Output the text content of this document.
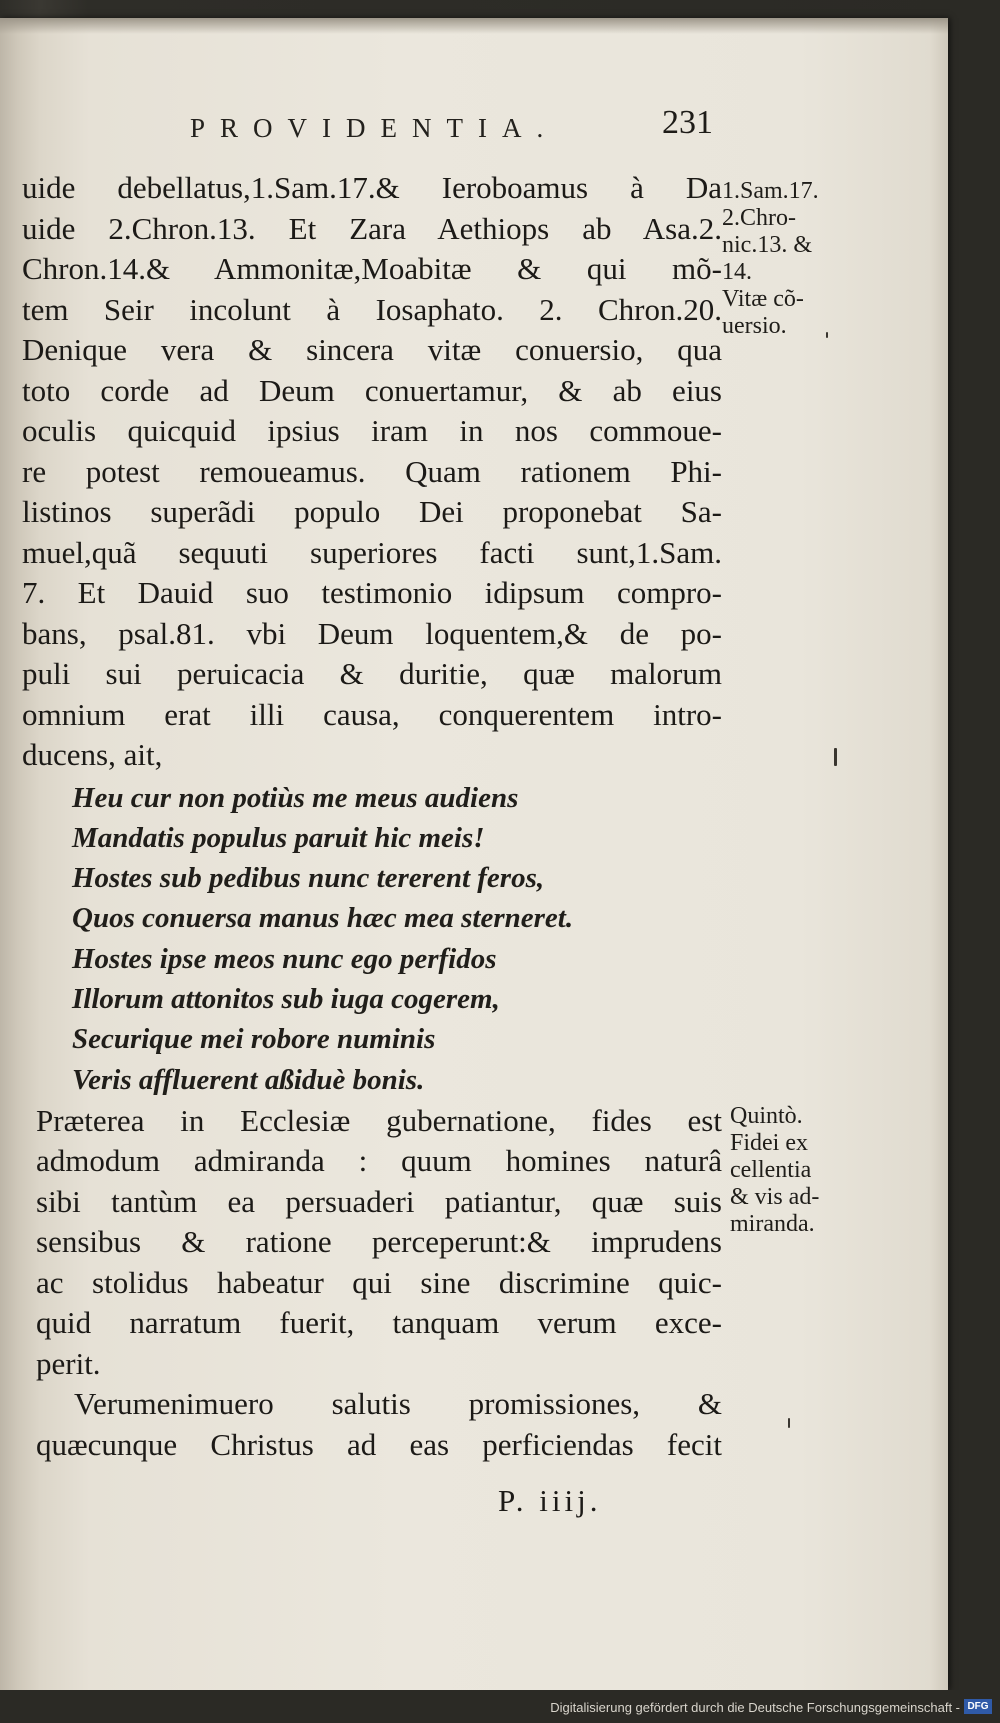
PROVIDENTIA.	231
uide debellatus,1.Sam.17.& Ieroboamus à Da
uide 2.Chron.13. Et Zara Aethiops ab Asa.2.
Chron.14.& Ammonitæ,Moabitæ & qui mõ-
tem Seir incolunt à Iosaphato. 2. Chron.20.
Denique vera & sincera vitæ conuersio, qua
toto corde ad Deum conuertamur, & ab eius
oculis quicquid ipsius iram in nos commoue-
re potest remoueamus. Quam rationem Phi-
listinos superãdi populo Dei proponebat Sa-
muel,quã sequuti superiores facti sunt,1.Sam.
7. Et Dauid suo testimonio idipsum compro-
bans, psal.81. vbi Deum loquentem,& de po-
puli sui peruicacia & duritie, quæ malorum
omnium erat illi causa, conquerentem intro-
ducens, ait,
Heu cur non potiùs me meus audiens
Mandatis populus paruit hic meis!
Hostes sub pedibus nunc tererent feros,
Quos conuersa manus hæc mea sterneret.
Hostes ipse meos nunc ego perfidos
Illorum attonitos sub iuga cogerem,
Securique mei robore numinis
Veris affluerent aßiduè bonis.
Præterea in Ecclesiæ gubernatione, fides est
admodum admiranda : quum homines naturâ
sibi tantùm ea persuaderi patiantur, quæ suis
sensibus & ratione perceperunt:& imprudens
ac stolidus habeatur qui sine discrimine quic-
quid narratum fuerit, tanquam verum exce-
perit.
Verumenimuero salutis promissiones, &
quæcunque Christus ad eas perficiendas fecit
1.Sam.17.
2.Chro-
nic.13. &
14.
Vitæ cõ-
uersio.
Quintò.
Fidei ex
cellentia
& vis ad-
miranda.
P. iiij.
Digitalisierung gefördert durch die Deutsche Forschungsgemeinschaft - DFG
